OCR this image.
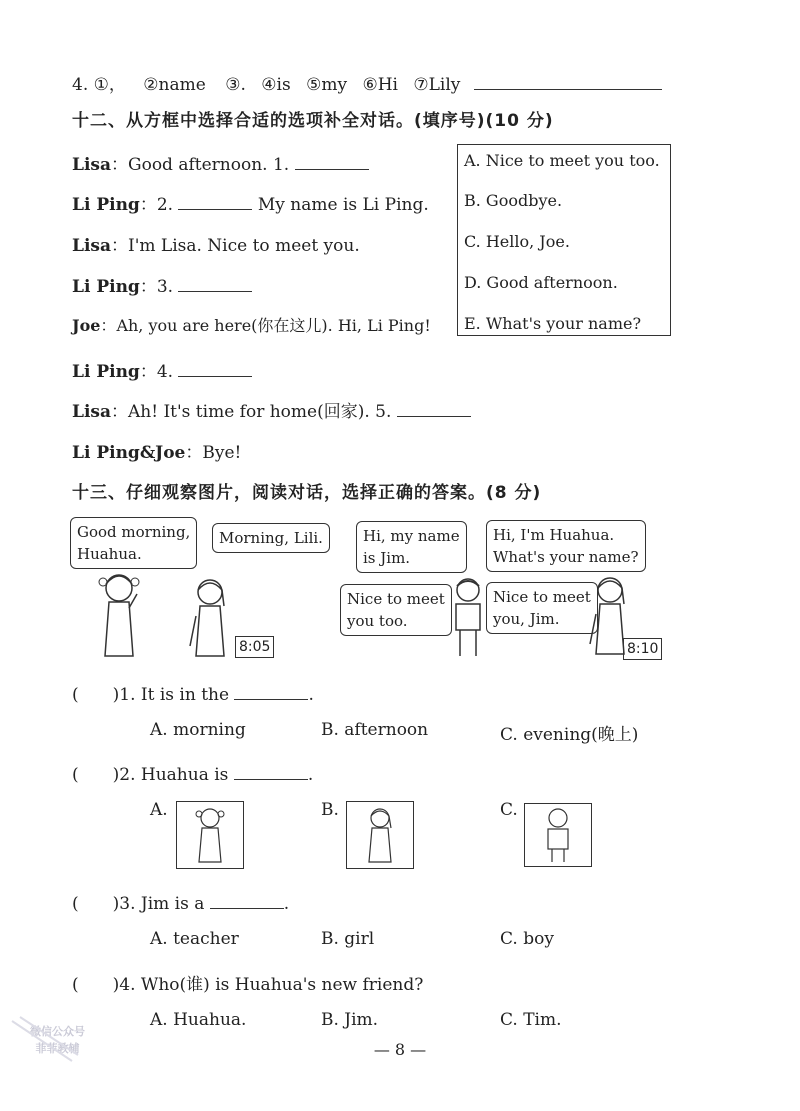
4. ①， ②name ③. ④is ⑤my ⑥Hi ⑦Lily
十二、从方框中选择合适的选项补全对话。(填序号)(10 分)
Lisa：Good afternoon. 1.
Li Ping：2.	My name is Li Ping.
Lisa：I'm Lisa. Nice to meet you.
Li Ping：3.
Joe：Ah, you are here(你在这儿). Hi, Li Ping!
Li Ping：4.
Lisa：Ah! It's time for home(回家). 5.
Li Ping&Joe：Bye!
A. Nice to meet you too.
B. Goodbye.
C. Hello, Joe.
D. Good afternoon.
E. What's your name?
十三、仔细观察图片，阅读对话，选择正确的答案。(8 分)
Good morning,
Huahua.
Morning, Lili.	Hi, my name
is Jim.
Hi, I'm Huahua.
What's your name?
Nice to meet
you too.
Nice to meet
you, Jim.
8:05	8:10
(　　)1. It is in the	.
A. morning	B. afternoon	C. evening(晚上)
(　　)2. Huahua is	.
A.	B.	C.
(　　)3. Jim is a	.
A. teacher	B. girl	C. boy
(　　)4. Who(谁) is Huahua's new friend?
A. Huahua.	B. Jim.	C. Tim.
微信公众号
菲菲教辅	— 8 —
